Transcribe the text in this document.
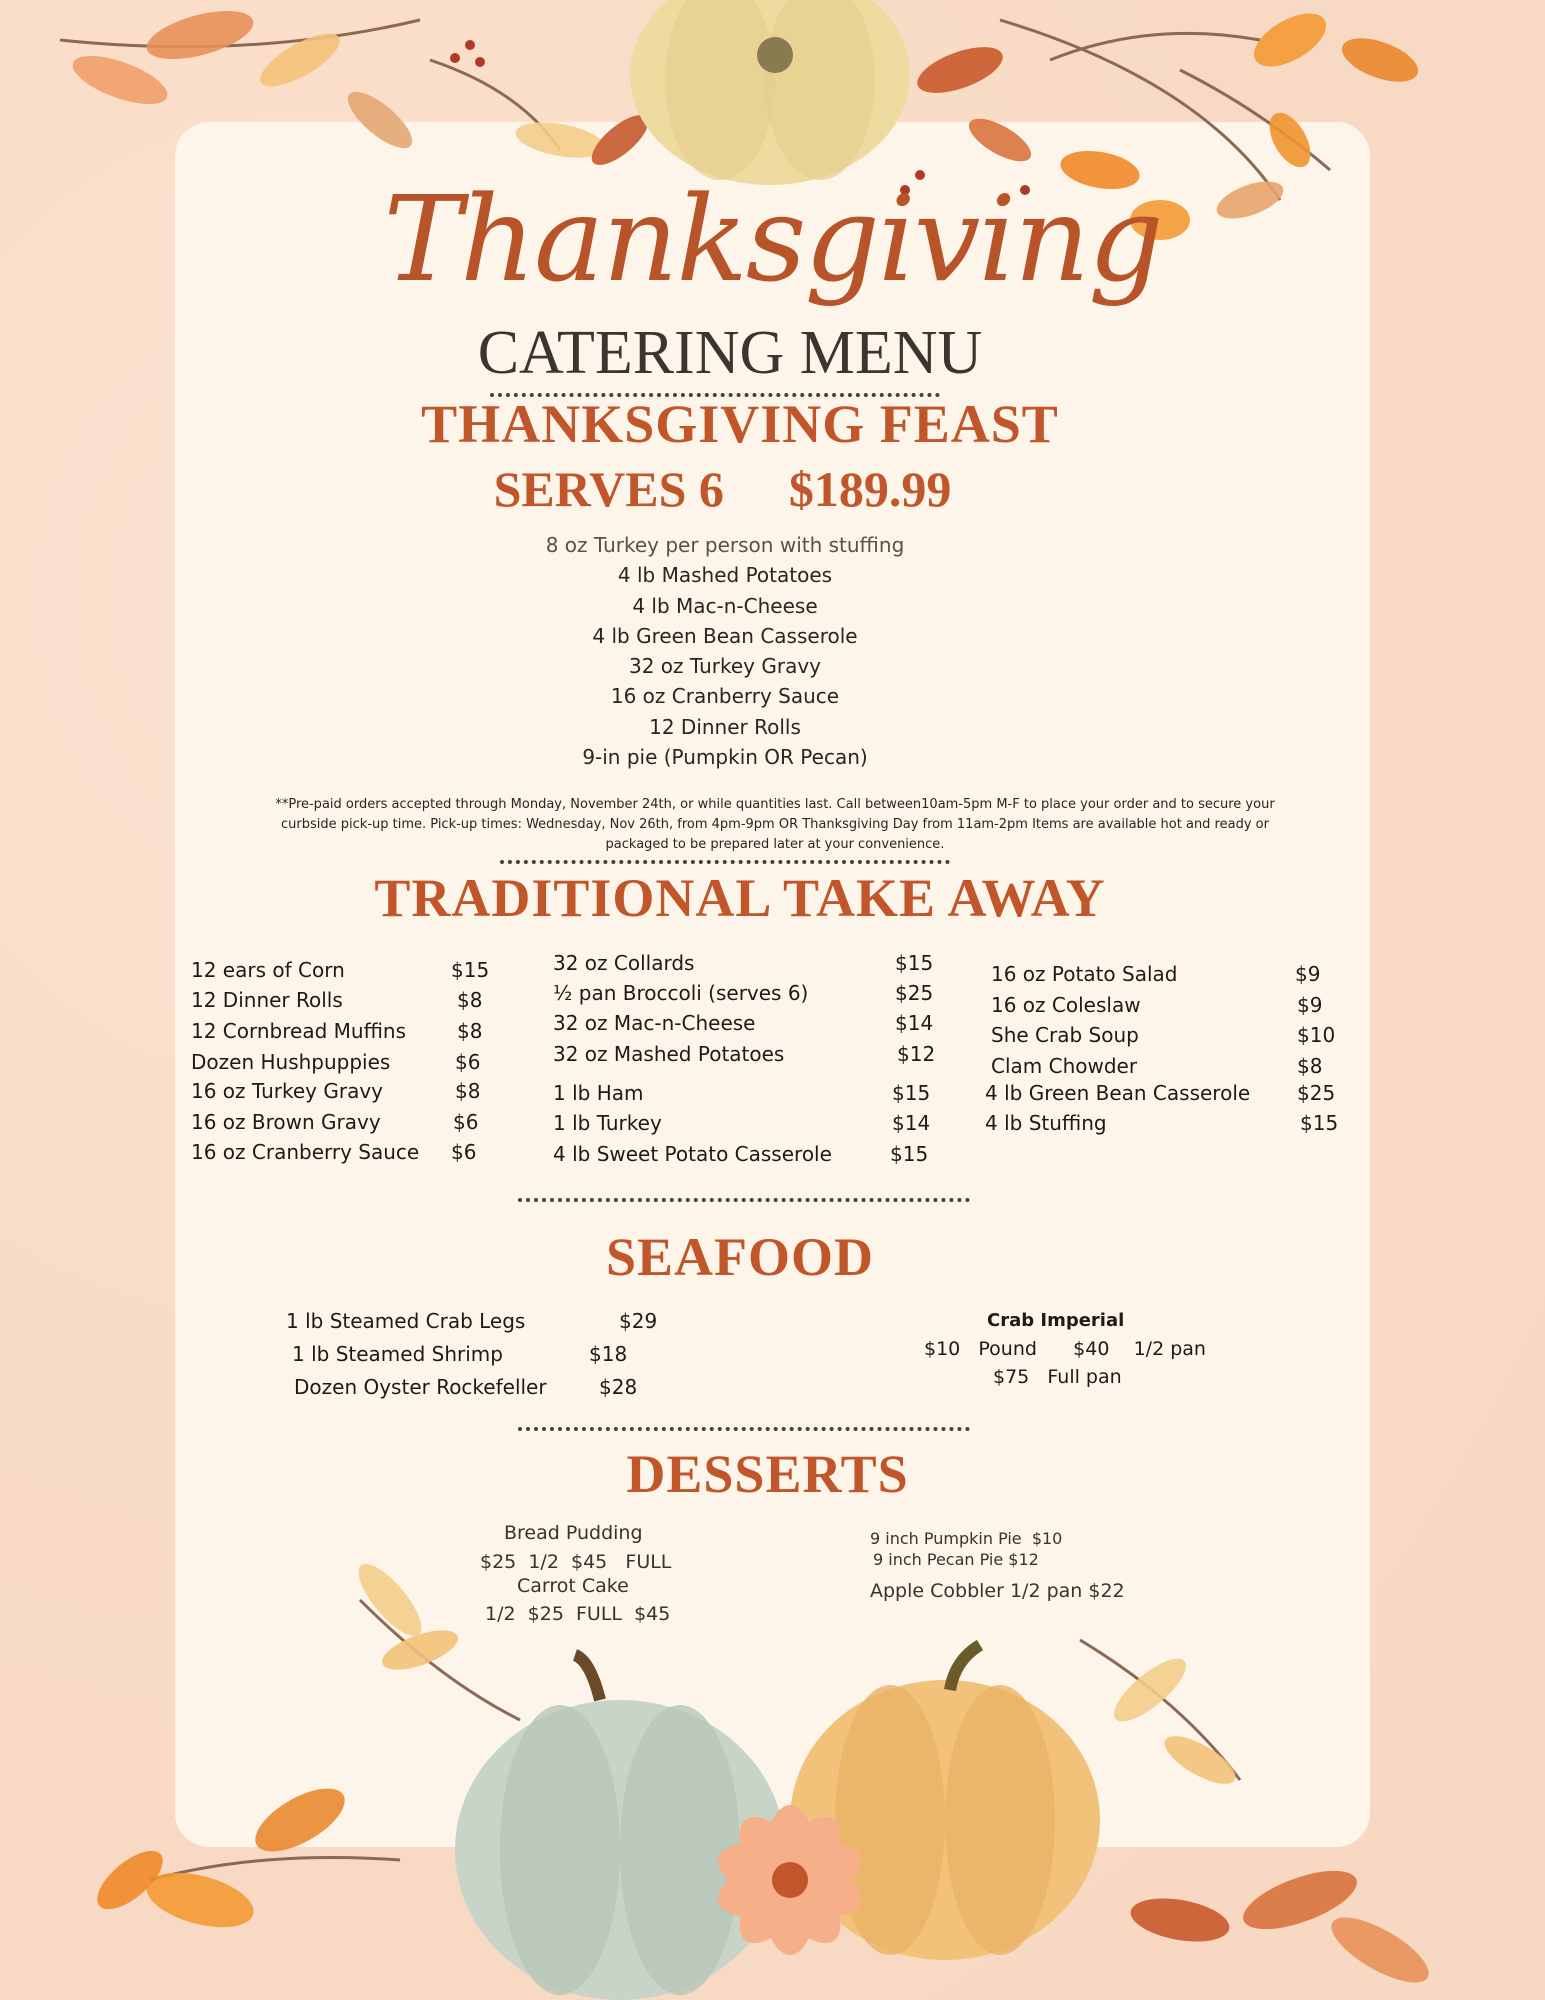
Thanksgiving
CATERING MENU
THANKSGIVING FEAST
SERVES 6 $189.99
8 oz Turkey per person with stuffing
4 lb Mashed Potatoes
4 lb Mac-n-Cheese
4 lb Green Bean Casserole
32 oz Turkey Gravy
16 oz Cranberry Sauce
12 Dinner Rolls
9-in pie (Pumpkin OR Pecan)
**Pre-paid orders accepted through Monday, November 24th, or while quantities last. Call between10am-5pm M-F to place your order and to secure your
curbside pick-up time. Pick-up times: Wednesday, Nov 26th, from 4pm-9pm OR Thanksgiving Day from 11am-2pm Items are available hot and ready or
packaged to be prepared later at your convenience.
TRADITIONAL TAKE AWAY
12 ears of Corn	$15
12 Dinner Rolls	$8
12 Cornbread Muffins	$8
Dozen Hushpuppies	$6
16 oz Turkey Gravy	$8
16 oz Brown Gravy	$6
16 oz Cranberry Sauce $6
32 oz Collards	$15
½ pan Broccoli (serves 6)	$25
32 oz Mac-n-Cheese	$14
32 oz Mashed Potatoes	$12
1 lb Ham	$15
1 lb Turkey	$14
4 lb Sweet Potato Casserole	$15
16 oz Potato Salad	$9
16 oz Coleslaw	$9
She Crab Soup	$10
Clam Chowder	$8
4 lb Green Bean Casserole $25
4 lb Stuffing	$15
SEAFOOD
1 lb Steamed Crab Legs	$29
1 lb Steamed Shrimp	$18
Dozen Oyster Rockefeller	$28
Crab Imperial
$10   Pound      $40    1/2 pan
$75   Full pan
DESSERTS
Bread Pudding
$25  1/2  $45   FULL
Carrot Cake
1/2  $25  FULL  $45
9 inch Pumpkin Pie  $10
9 inch Pecan Pie $12
Apple Cobbler 1/2 pan $22
